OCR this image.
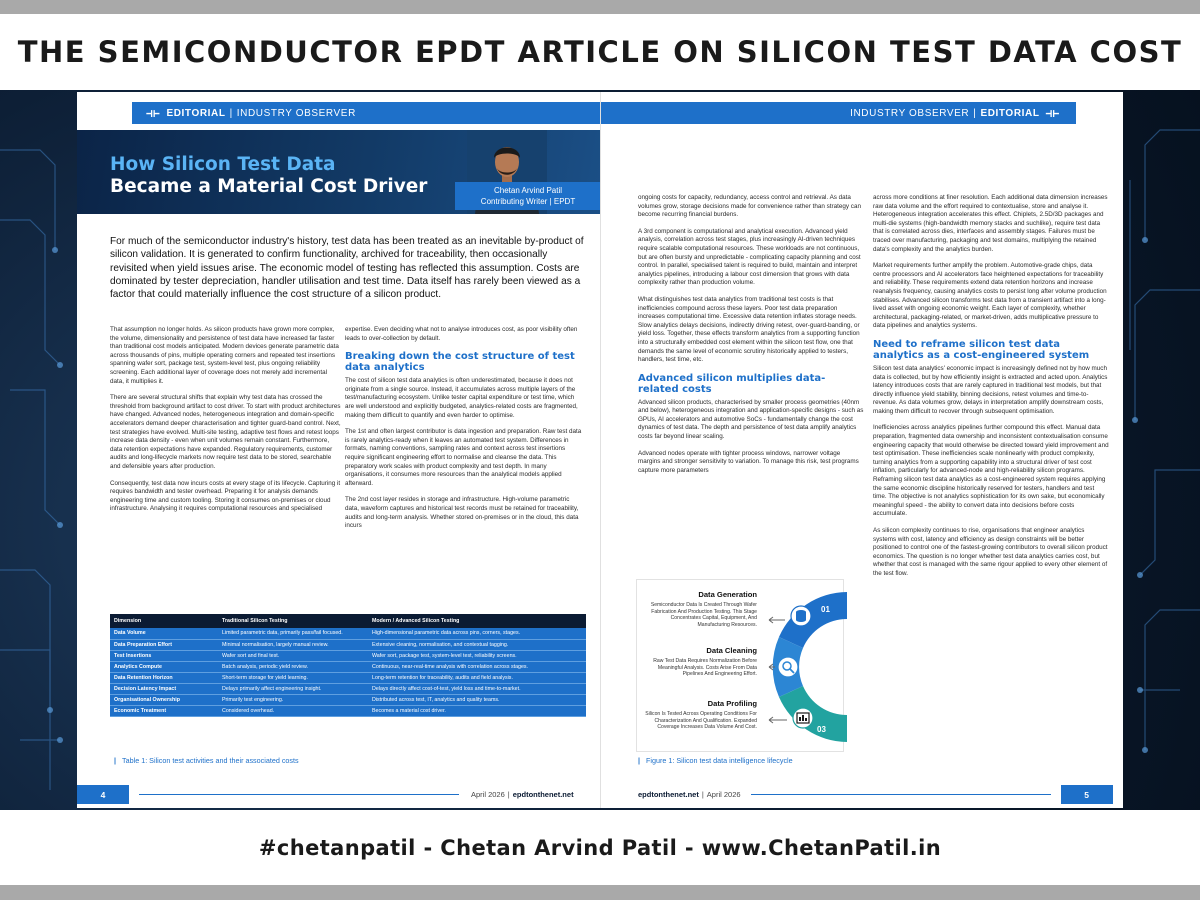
THE SEMICONDUCTOR EPDT ARTICLE ON SILICON TEST DATA COST
⊣⊢ EDITORIAL | INDUSTRY OBSERVER
How Silicon Test Data
Became a Material Cost Driver	Chetan Arvind Patil
Contributing Writer | EPDT
For much of the semiconductor industry's history, test data has been treated as an inevitable by-product of silicon validation. It is generated to confirm functionality, archived for traceability, then occasionally revisited when yield issues arise. The economic model of testing has reflected this assumption. Costs are dominated by tester depreciation, handler utilisation and test time. Data itself has rarely been viewed as a factor that could materially influence the cost structure of a silicon product.

That assumption no longer holds. As silicon products have grown more complex, the volume, dimensionality and persistence of test data have increased far faster than traditional cost models anticipated. Modern devices generate parametric data across thousands of pins, multiple operating corners and repeated test insertions spanning wafer sort, package test, system-level test, plus ongoing reliability screening. Each additional layer of coverage does not merely add incremental data, it multiplies it.

There are several structural shifts that explain why test data has crossed the threshold from background artifact to cost driver. To start with product architectures have changed. Advanced nodes, heterogeneous integration and domain-specific accelerators demand deeper characterisation and tighter guard-band control. Next, test strategies have evolved. Multi-site testing, adaptive test flows and retest loops increase data density - even when unit volumes remain constant. Furthermore, data retention expectations have expanded. Regulatory requirements, customer audits and long-lifecycle markets now require test data to be stored, searchable and defensible years after production.

Consequently, test data now incurs costs at every stage of its lifecycle. Capturing it requires bandwidth and tester overhead. Preparing it for analysis demands engineering time and custom tooling. Storing it consumes on-premises or cloud infrastructure. Analysing it requires computational resources and specialised

expertise. Even deciding what not to analyse introduces cost, as poor visibility often leads to over-collection by default.

Breaking down the cost structure of test data analytics

The cost of silicon test data analytics is often underestimated, because it does not originate from a single source. Instead, it accumulates across multiple layers of the test/manufacturing ecosystem. Unlike tester capital expenditure or test time, which are well understood and explicitly budgeted, analytics-related costs are fragmented, making them difficult to quantify and even harder to optimise.

The 1st and often largest contributor is data ingestion and preparation. Raw test data is rarely analytics-ready when it leaves an automated test system. Differences in formats, naming conventions, sampling rates and context across test insertions require significant engineering effort to normalise and cleanse the data. This preparatory work scales with product complexity and test depth. In many organisations, it consumes more resources than the analytical models applied afterward.

The 2nd cost layer resides in storage and infrastructure. High-volume parametric data, waveform captures and historical test records must be retained for traceability, audits and long-term analysis. Whether stored on-premises or in the cloud, this data incurs

Dimension	Traditional Silicon Testing	Modern / Advanced Silicon Testing
Data Volume	Limited parametric data, primarily pass/fail focused.	High-dimensional parametric data across pins, corners, stages.
Data Preparation Effort	Minimal normalisation, largely manual review.	Extensive cleaning, normalisation, and contextual tagging.
Test Insertions	Wafer sort and final test.	Wafer sort, package test, system-level test, reliability screens.
Analytics Compute	Batch analysis, periodic yield review.	Continuous, near-real-time analysis with correlation across stages.
Data Retention Horizon	Short-term storage for yield learning.	Long-term retention for traceability, audits and field analysis.
Decision Latency Impact	Delays primarily affect engineering insight.	Delays directly affect cost-of-test, yield loss and time-to-market.
Organisational Ownership	Primarily test engineering.	Distributed across test, IT, analytics and quality teams.
Economic Treatment	Considered overhead.	Becomes a material cost driver.
| Table 1: Silicon test activities and their associated costs
4	April 2026 | epdtonthenet.net
INDUSTRY OBSERVER | EDITORIAL ⊣⊢

ongoing costs for capacity, redundancy, access control and retrieval. As data volumes grow, storage decisions made for convenience rather than strategy can become recurring financial burdens.

A 3rd component is computational and analytical execution. Advanced yield analysis, correlation across test stages, plus increasingly AI-driven techniques require scalable computational resources. These workloads are not continuous, but are often bursty and unpredictable - complicating capacity planning and cost control. In parallel, specialised talent is required to build, maintain and interpret analytics pipelines, introducing a labour cost dimension that grows with data complexity rather than production volume.

What distinguishes test data analytics from traditional test costs is that inefficiencies compound across these layers. Poor test data preparation increases computational time. Excessive data retention inflates storage needs. Slow analytics delays decisions, indirectly driving retest, over-guard-banding, or yield loss. Together, these effects transform analytics from a supporting function into a structurally embedded cost element within the silicon test flow, one that demands the same level of economic scrutiny historically applied to testers, handlers, test time, etc.

Advanced silicon multiplies data-related costs

Advanced silicon products, characterised by smaller process geometries (40nm and below), heterogeneous integration and application-specific designs - such as GPUs, AI accelerators and automotive SoCs - fundamentally change the cost dynamics of test data. The depth and persistence of test data amplify analytics costs far beyond linear scaling.

Advanced nodes operate with tighter process windows, narrower voltage margins and stronger sensitivity to variation. To manage this risk, test programs capture more parameters

across more conditions at finer resolution. Each additional data dimension increases raw data volume and the effort required to contextualise, store and analyse it. Heterogeneous integration accelerates this effect. Chiplets, 2.5D/3D packages and multi-die systems (high-bandwidth memory stacks and suchlike), require test data that is correlated across dies, interfaces and assembly stages. Failures must be traced over manufacturing, packaging and test domains, multiplying the retained data's complexity and the analytics burden.

Market requirements further amplify the problem. Automotive-grade chips, data centre processors and AI accelerators face heightened expectations for traceability and reliability. These requirements extend data retention horizons and increase reanalysis frequency, causing analytics costs to persist long after volume production stabilises. Advanced silicon transforms test data from a transient artifact into a long-lived asset with ongoing economic weight. Each layer of complexity, whether architectural, packaging-related, or market-driven, adds multiplicative pressure to data pipelines and analytics systems.

Need to reframe silicon test data analytics as a cost-engineered system

Silicon test data analytics' economic impact is increasingly defined not by how much data is collected, but by how efficiently insight is extracted and acted upon. Analytics latency introduces costs that are rarely captured in traditional test models, but that directly influence yield stability, binning decisions, retest volumes and time-to-revenue. As data volumes grow, delays in interpretation amplify downstream costs, making them difficult to recover through subsequent optimisation.

Inefficiencies across analytics pipelines further compound this effect. Manual data preparation, fragmented data ownership and inconsistent contextualisation consume engineering capacity that would otherwise be directed toward yield improvement and test optimisation. These inefficiencies scale nonlinearly with product complexity, turning analytics from a supporting capability into a structural driver of test cost inflation, particularly for advanced-node and high-reliability silicon programs. Reframing silicon test data analytics as a cost-engineered system requires applying the same economic discipline historically reserved for testers, handlers and test time. The objective is not analytics sophistication for its own sake, but economically meaningful speed - the ability to convert data into decisions before costs accumulate.

As silicon complexity continues to rise, organisations that engineer analytics systems with cost, latency and efficiency as design constraints will be better positioned to control one of the fastest-growing contributors to overall silicon product economics. The question is no longer whether test data analytics carries cost, but whether that cost is managed with the same rigour applied to every other element of the test flow.

Data Generation
Semiconductor Data Is Created Through Wafer Fabrication And Production Testing. This Stage Concentrates Capital, Equipment, And Manufacturing Resources.
Data Cleaning
Raw Test Data Requires Normalization Before Meaningful Analysis. Costs Arise From Data Pipelines And Engineering Effort.
Data Profiling
Silicon Is Tested Across Operating Conditions For Characterization And Qualification. Expanded Coverage Increases Data Volume And Cost.
01
02
03
| Figure 1: Silicon test data intelligence lifecycle
epdtonthenet.net | April 2026	5
#chetanpatil - Chetan Arvind Patil - www.ChetanPatil.in
